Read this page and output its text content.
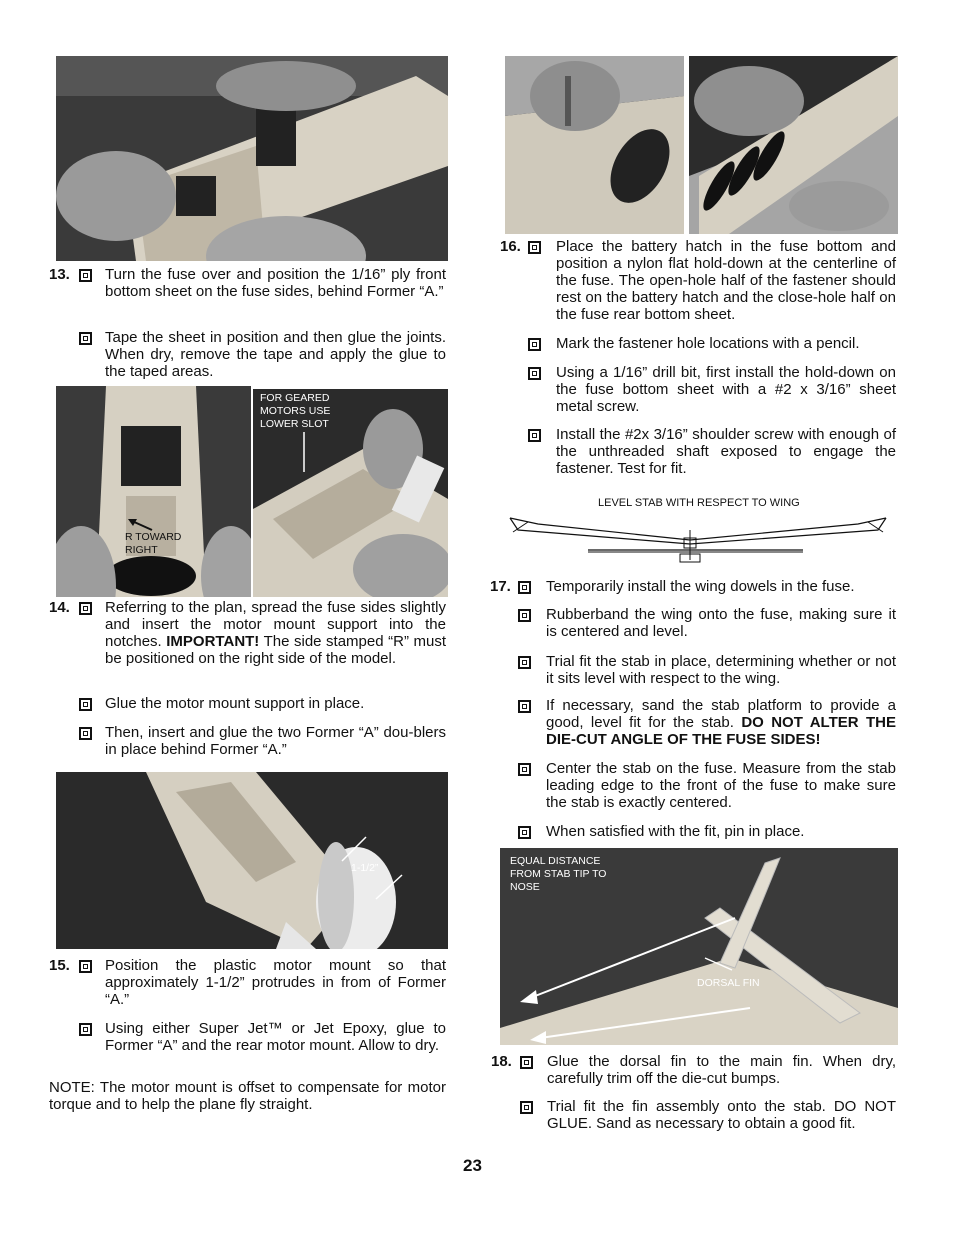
13. Turn the fuse over and position the 1/16” ply front bottom sheet on the fuse sides, behind Former “A.”
Tape the sheet in position and then glue the joints. When dry, remove the tape and apply the glue to the taped areas.
R TOWARD
RIGHT
FOR GEARED
MOTORS USE
LOWER SLOT
14. Referring to the plan, spread the fuse sides slightly and insert the motor mount support into the notches. IMPORTANT! The side stamped “R” must be positioned on the right side of the model.
Glue the motor mount support in place.
Then, insert and glue the two Former “A” dou-blers in place behind Former “A.”
1-1/2”
15. Position the plastic motor mount so that approximately 1-1/2” protrudes in from of Former “A.”
Using either Super Jet™ or Jet Epoxy, glue to Former “A” and the rear motor mount. Allow to dry.
NOTE: The motor mount is offset to compensate for motor torque and to help the plane fly straight.
16. Place the battery hatch in the fuse bottom and position a nylon flat hold-down at the centerline of the fuse. The open-hole half of the fastener should rest on the battery hatch and the close-hole half on the fuse rear bottom sheet.
Mark the fastener hole locations with a pencil.
Using a 1/16” drill bit, first install the hold-down on the fuse bottom sheet with a #2 x 3/16” sheet metal screw.
Install the #2x 3/16” shoulder screw with enough of the unthreaded shaft exposed to engage the fastener. Test for fit.
LEVEL STAB WITH RESPECT TO WING
17. Temporarily install the wing dowels in the fuse.
Rubberband the wing onto the fuse, making sure it is centered and level.
Trial fit the stab in place, determining whether or not it sits level with respect to the wing.
If necessary, sand the stab platform to provide a good, level fit for the stab. DO NOT ALTER THE DIE-CUT ANGLE OF THE FUSE SIDES!
Center the stab on the fuse. Measure from the stab leading edge to the front of the fuse to make sure the stab is exactly centered.
When satisfied with the fit, pin in place.
EQUAL DISTANCE
FROM STAB TIP TO
NOSE
DORSAL FIN
18. Glue the dorsal fin to the main fin. When dry, carefully trim off the die-cut bumps.
Trial fit the fin assembly onto the stab. DO NOT GLUE. Sand as necessary to obtain a good fit.
23
